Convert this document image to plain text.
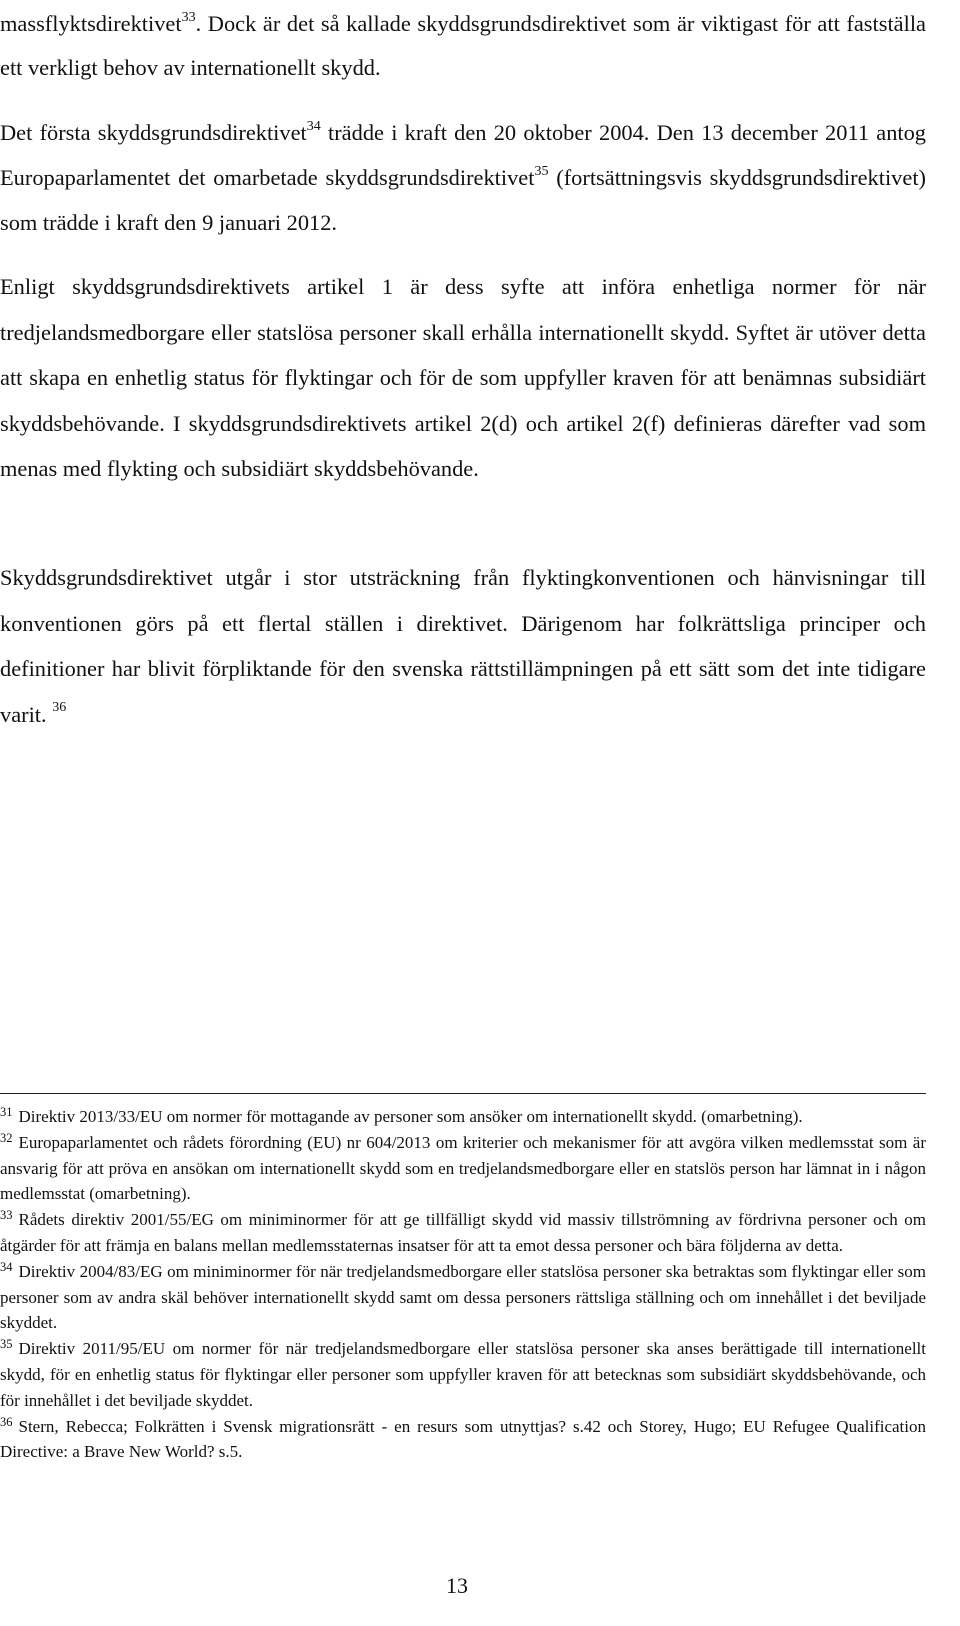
massflyktsdirektivet$^{33}$. Dock är det så kallade skyddsgrundsdirektivet som är viktigast för att fastställa ett verkligt behov av internationellt skydd.

Det första skyddsgrundsdirektivet$^{34}$ trädde i kraft den 20 oktober 2004. Den 13 december 2011 antog Europaparlamentet det omarbetade skyddsgrundsdirektivet$^{35}$ (fortsättningsvis skyddsgrundsdirektivet) som trädde i kraft den 9 januari 2012.

Enligt skyddsgrundsdirektivets artikel 1 är dess syfte att införa enhetliga normer för när tredjelandsmedborgare eller statslösa personer skall erhålla internationellt skydd. Syftet är utöver detta att skapa en enhetlig status för flyktingar och för de som uppfyller kraven för att benämnas subsidiärt skyddsbehövande. I skyddsgrundsdirektivets artikel 2(d) och artikel 2(f) definieras därefter vad som menas med flykting och subsidiärt skyddsbehövande.

Skyddsgrundsdirektivet utgår i stor utsträckning från flyktingkonventionen och hänvisningar till konventionen görs på ett flertal ställen i direktivet. Därigenom har folkrättsliga principer och definitioner har blivit förpliktande för den svenska rättstillämpningen på ett sätt som det inte tidigare varit. $^{36}$

$^{31}$ Direktiv 2013/33/EU om normer för mottagande av personer som ansöker om internationellt skydd. (omarbetning).

$^{32}$ Europaparlamentet och rådets förordning (EU) nr 604/2013 om kriterier och mekanismer för att avgöra vilken medlemsstat som är ansvarig för att pröva en ansökan om internationellt skydd som en tredjelandsmedborgare eller en statslös person har lämnat in i någon medlemsstat (omarbetning).

$^{33}$ Rådets direktiv 2001/55/EG om miniminormer för att ge tillfälligt skydd vid massiv tillströmning av fördrivna personer och om åtgärder för att främja en balans mellan medlemsstaternas insatser för att ta emot dessa personer och bära följderna av detta.

$^{34}$ Direktiv 2004/83/EG om miniminormer för när tredjelandsmedborgare eller statslösa personer ska betraktas som flyktingar eller som personer som av andra skäl behöver internationellt skydd samt om dessa personers rättsliga ställning och om innehållet i det beviljade skyddet.

$^{35}$ Direktiv 2011/95/EU om normer för när tredjelandsmedborgare eller statslösa personer ska anses berättigade till internationellt skydd, för en enhetlig status för flyktingar eller personer som uppfyller kraven för att betecknas som subsidiärt skyddsbehövande, och för innehållet i det beviljade skyddet.

$^{36}$ Stern, Rebecca; Folkrätten i Svensk migrationsrätt - en resurs som utnyttjas? s.42 och Storey, Hugo; EU Refugee Qualification Directive: a Brave New World? s.5.

13
